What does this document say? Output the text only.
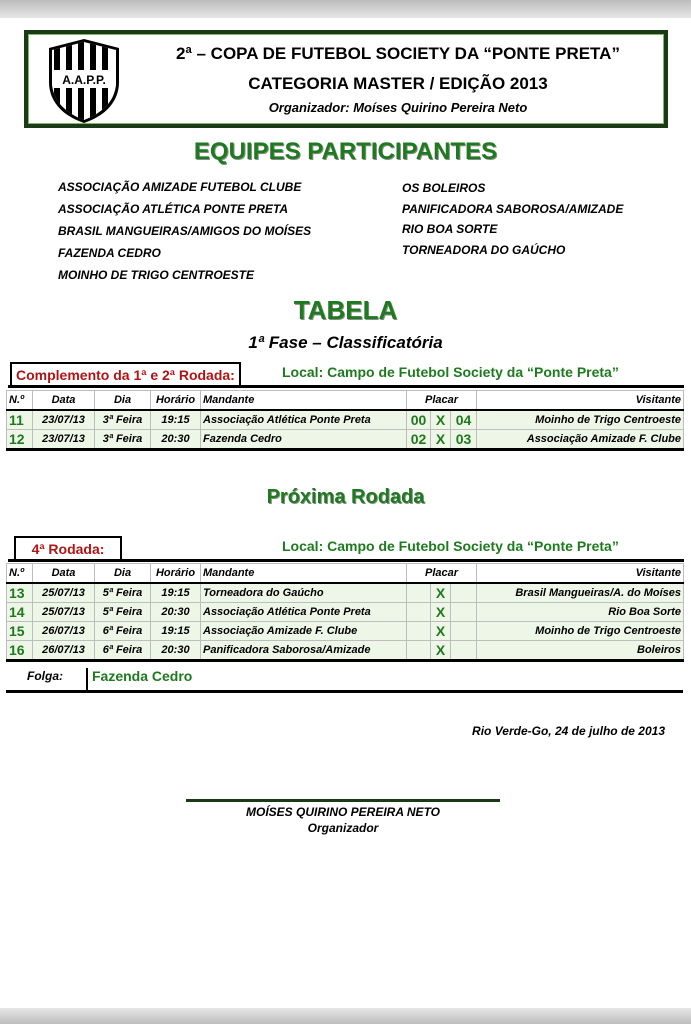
A.A.P.P.
2ª – COPA DE FUTEBOL SOCIETY DA “PONTE PRETA”
CATEGORIA MASTER / EDIÇÃO 2013
Organizador: Moíses Quirino Pereira Neto
EQUIPES PARTICIPANTES
ASSOCIAÇÃO AMIZADE FUTEBOL CLUBE
ASSOCIAÇÃO ATLÉTICA PONTE PRETA
BRASIL MANGUEIRAS/AMIGOS DO MOÍSES
FAZENDA CEDRO
MOINHO DE TRIGO CENTROESTE
OS BOLEIROS
PANIFICADORA SABOROSA/AMIZADE
RIO BOA SORTE
TORNEADORA DO GAÚCHO
TABELA
1ª Fase – Classificatória
Complemento da 1ª e 2ª Rodada:	Local: Campo de Futebol Society da “Ponte Preta”
N.º	Data	Dia	Horário	Mandante	Placar			Visitante
11	23/07/13	3ª Feira	19:15	Associação Atlética Ponte Preta	00	X	04	Moinho de Trigo Centroeste
12	23/07/13	3ª Feira	20:30	Fazenda Cedro	02	X	03	Associação Amizade F. Clube
Próxima Rodada
4ª Rodada:	Local: Campo de Futebol Society da “Ponte Preta”
N.º	Data	Dia	Horário	Mandante	Placar			Visitante
13	25/07/13	5ª Feira	19:15	Torneadora do Gaúcho		X		Brasil Mangueiras/A. do Moíses
14	25/07/13	5ª Feira	20:30	Associação Atlética Ponte Preta		X		Rio Boa Sorte
15	26/07/13	6ª Feira	19:15	Associação Amizade F. Clube		X		Moinho de Trigo Centroeste
16	26/07/13	6ª Feira	20:30	Panificadora Saborosa/Amizade		X		Boleiros
Folga:	Fazenda Cedro
Rio Verde-Go, 24 de julho de 2013
MOÍSES QUIRINO PEREIRA NETO
Organizador
